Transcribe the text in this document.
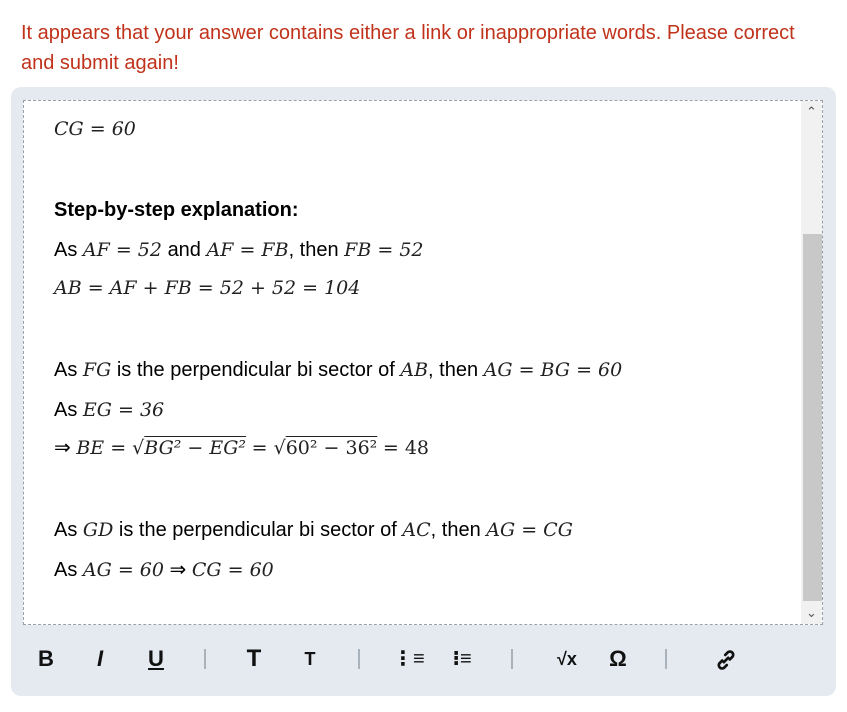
It appears that your answer contains either a link or inappropriate words. Please correct and submit again!
CG = 60
Step-by-step explanation:
As AF = 52 and AF = FB, then FB = 52
AB = AF + FB = 52 + 52 = 104
As FG is the perpendicular bi sector of AB, then AG = BG = 60
As EG = 36
⇒ BE = √BG² − EG² = √60² − 36² = 48
As GD is the perpendicular bi sector of AC, then AG = CG
As AG = 60 ⇒ CG = 60
⌃
⌄
B	I	U	T	T	⋮≡ ⁝≡	√x	Ω
